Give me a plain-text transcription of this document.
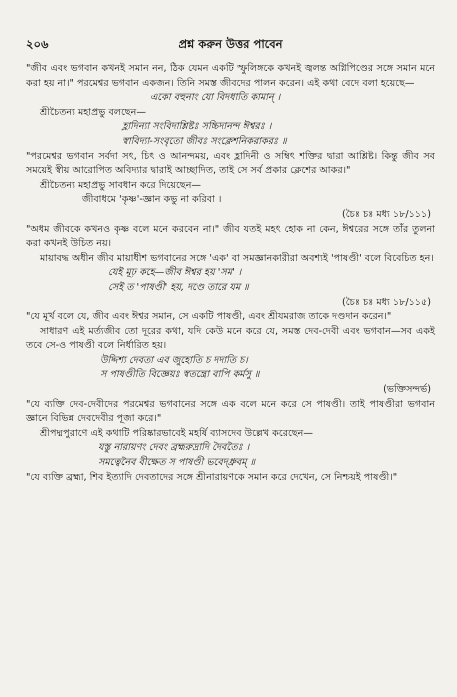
২০৬	প্রশ্ন করুন উত্তর পাবেন

"জীব এবং ভগবান কখনই সমান নন, ঠিক যেমন একটি স্ফুলিঙ্গকে কখনই জ্বলন্ত অগ্নিপিণ্ডের সঙ্গে সমান মনে করা হয় না।" পরমেশ্বর ভগবান একজন। তিনি সমস্ত জীবদের পালন করেন। এই কথা বেদে বলা হয়েছে—

একো বহুনাং যো বিদধাতি কামান্ ।

শ্রীচৈতন্য মহাপ্রভু বলছেন—

হ্লাদিন্যা সংবিদাশ্লিষ্টঃ সচ্চিদানন্দ ঈশ্বরঃ ।

স্বাবিদ্যা-সংবৃতো জীবঃ সংক্লেশনিকরাকরঃ ॥

"পরমেশ্বর ভগবান সর্বদা সৎ, চিৎ ও আনন্দময়, এবং হ্লাদিনী ও সম্বিৎ শক্তির দ্বারা আশ্লিষ্ট। কিন্তু জীব সব সময়েই স্বীয় আরোপিত অবিদ্যার দ্বারাই আচ্ছাদিত, তাই সে সর্ব প্রকার ক্লেশের আকর।"

শ্রীচৈতন্য মহাপ্রভু সাবধান করে দিয়েছেন—

জীবাধমে 'কৃষ্ণ'-জ্ঞান কভু না করিবা ।

(চৈঃ চঃ মধ্য ১৮/১১১)

"অধম জীবকে কখনও কৃষ্ণ বলে মনে করবেন না।" জীব যতই মহৎ হোক না কেন, ঈশ্বরের সঙ্গে তাঁর তুলনা করা কখনই উচিত নয়।

মায়াবদ্ধ অধীন জীব মায়াধীশ ভগবানের সঙ্গে 'এক' বা সমজ্ঞানকারীরা অবশ্যই 'পাষণ্ডী' বলে বিবেচিত হন।

যেই মূঢ় কহে—জীব ঈশ্বর হয় 'সম' ।

সেই ত 'পাষণ্ডী' হয়, দণ্ডে তারে যম ॥

(চৈঃ চঃ মধ্য ১৮/১১৫)

"যে মূর্খ বলে যে, জীব এবং ঈশ্বর সমান, সে একটি পাষণ্ডী, এবং শ্রীযমরাজ তাকে দণ্ডদান করেন।"

সাধারণ এই মর্ত্যজীব তো দূরের কথা, যদি কেউ মনে করে যে, সমস্ত দেব-দেবী এবং ভগবান—সব একই তবে সে-ও পাষণ্ডী বলে নির্ধারিত হয়।

উদ্দিশ্য দেবতা এব জুহোতি চ দদাতি চ।

স পাষণ্ডীতি বিজ্ঞেয়ঃ স্বতন্ত্রো বাপি কর্মসু ॥

(ভক্তিসন্দর্ভ)

"যে ব্যক্তি দেব-দেবীদের পরমেশ্বর ভগবানের সঙ্গে এক বলে মনে করে সে পাষণ্ডী। তাই পাষণ্ডীরা ভগবান জ্ঞানে বিভিন্ন দেবদেবীর পূজা করে।"

শ্রীপদ্মপুরাণে এই কথাটি পরিষ্কারভাবেই মহর্ষি ব্যাসদেব উল্লেখ করেছেন—

যস্তু নারায়ণং দেবং ব্রহ্মরুদ্রাদি দৈবতৈঃ ।

সমত্বেনৈব বীক্ষেত স পাষণ্ডী ভবেদ্ধ্রুবম্ ॥

"যে ব্যক্তি ব্রহ্মা, শিব ইত্যাদি দেবতাদের সঙ্গে শ্রীনারায়ণকে সমান করে দেখেন, সে নিশ্চয়ই পাষণ্ডী।"
